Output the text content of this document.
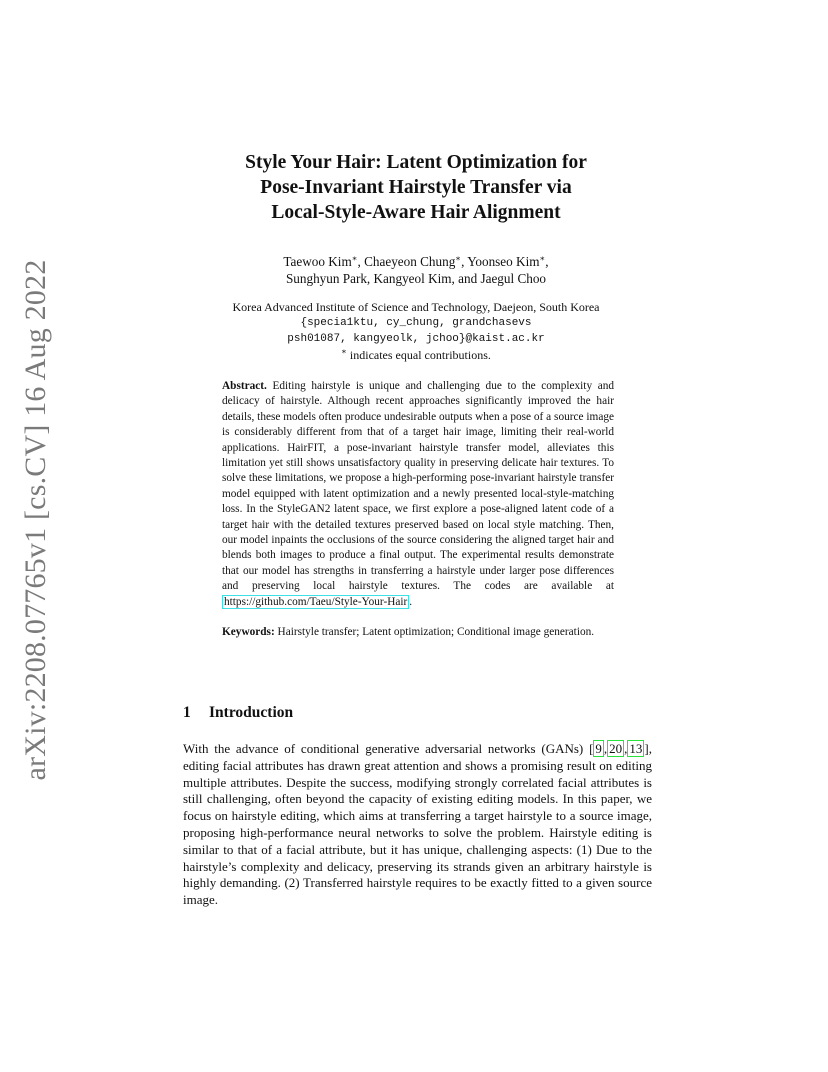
arXiv:2208.07765v1 [cs.CV] 16 Aug 2022
Style Your Hair: Latent Optimization for
Pose-Invariant Hairstyle Transfer via
Local-Style-Aware Hair Alignment
Taewoo Kim∗, Chaeyeon Chung∗, Yoonseo Kim∗,
Sunghyun Park, Kangyeol Kim, and Jaegul Choo
Korea Advanced Institute of Science and Technology, Daejeon, South Korea
{specia1ktu, cy_chung, grandchasevs
psh01087, kangyeolk, jchoo}@kaist.ac.kr
∗ indicates equal contributions.

Abstract. Editing hairstyle is unique and challenging due to the complexity and delicacy of hairstyle. Although recent approaches significantly improved the hair details, these models often produce undesirable outputs when a pose of a source image is considerably different from that of a target hair image, limiting their real-world applications. HairFIT, a pose-invariant hairstyle transfer model, alleviates this limitation yet still shows unsatisfactory quality in preserving delicate hair textures. To solve these limitations, we propose a high-performing pose-invariant hairstyle transfer model equipped with latent optimization and a newly presented local-style-matching loss. In the StyleGAN2 latent space, we first explore a pose-aligned latent code of a target hair with the detailed textures preserved based on local style matching. Then, our model inpaints the occlusions of the source considering the aligned target hair and blends both images to produce a final output. The experimental results demonstrate that our model has strengths in transferring a hairstyle under larger pose differences and preserving local hairstyle textures. The codes are available at https://github.com/Taeu/Style-Your-Hair .

Keywords: Hairstyle transfer; Latent optimization; Conditional image generation.

1 Introduction

With the advance of conditional generative adversarial networks (GANs) [ 9 , 20 , 13 ], editing facial attributes has drawn great attention and shows a promising result on editing multiple attributes. Despite the success, modifying strongly correlated facial attributes is still challenging, often beyond the capacity of existing editing models. In this paper, we focus on hairstyle editing, which aims at transferring a target hairstyle to a source image, proposing high-performance neural networks to solve the problem. Hairstyle editing is similar to that of a facial attribute, but it has unique, challenging aspects: (1) Due to the hairstyle’s complexity and delicacy, preserving its strands given an arbitrary hairstyle is highly demanding. (2) Transferred hairstyle requires to be exactly fitted to a given source image.
